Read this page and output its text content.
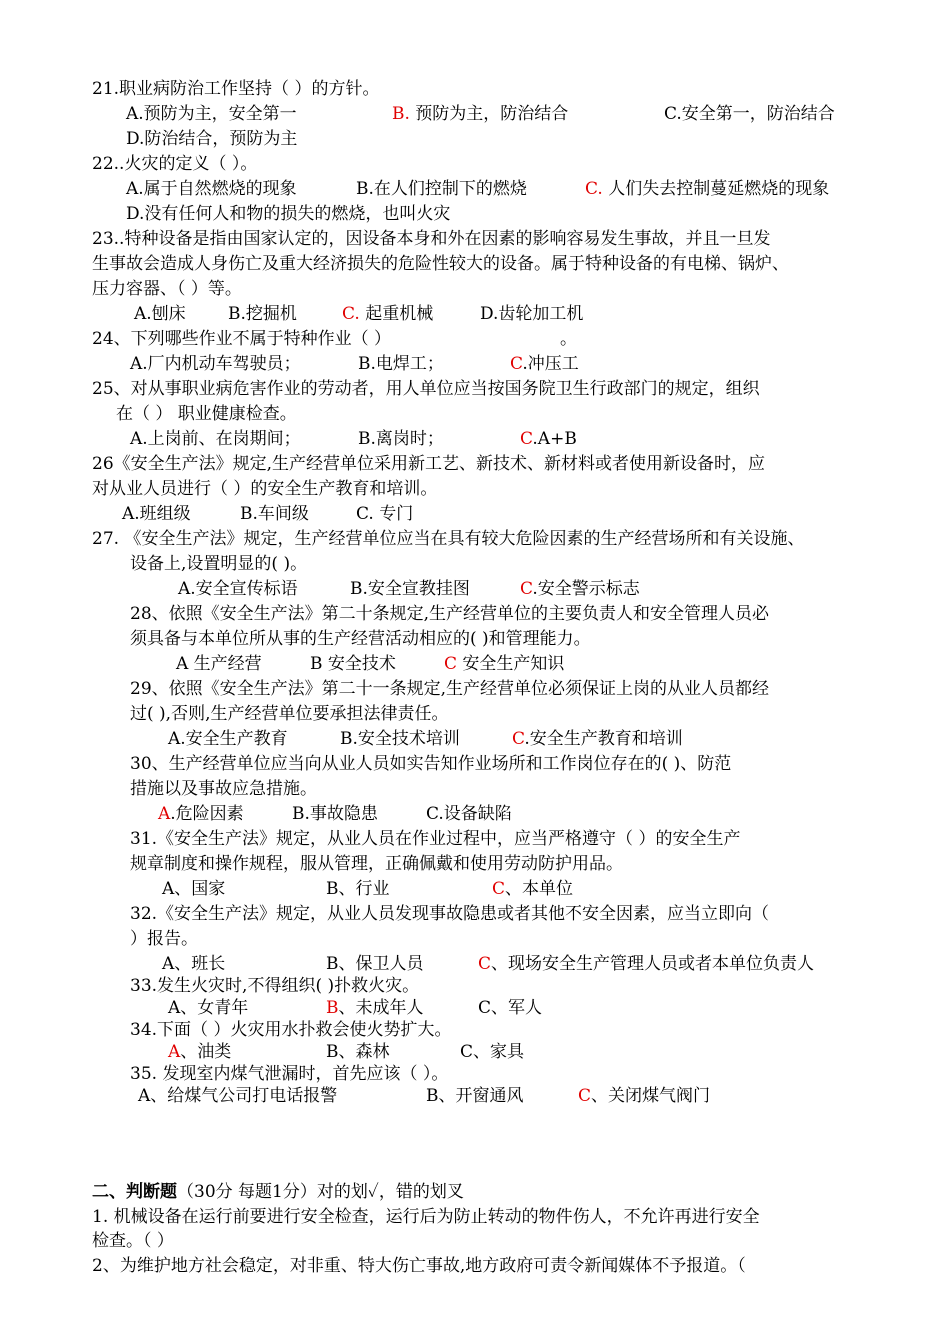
21.职业病防治工作坚持（ ）的方针。
A.预防为主，安全第一	B. 预防为主，防治结合	C.安全第一，防治结合
D.防治结合，预防为主
22..火灾的定义（ ）。
A.属于自然燃烧的现象	B.在人们控制下的燃烧	C. 人们失去控制蔓延燃烧的现象
D.没有任何人和物的损失的燃烧，也叫火灾
23..特种设备是指由国家认定的，因设备本身和外在因素的影响容易发生事故，并且一旦发
生事故会造成人身伤亡及重大经济损失的危险性较大的设备。属于特种设备的有电梯、锅炉、
压力容器、（ ）等。
A.刨床 B.挖掘机	C. 起重机械	D.齿轮加工机
24、下列哪些作业不属于特种作业（ ）	。
A.厂内机动车驾驶员；	B.电焊工；	C.冲压工
25、对从事职业病危害作业的劳动者，用人单位应当按国务院卫生行政部门的规定，组织
在（ ） 职业健康检查。
A.上岗前、在岗期间；	B.离岗时；	C.A+B
26《安全生产法》规定,生产经营单位采用新工艺、新技术、新材料或者使用新设备时，应
对从业人员进行（ ）的安全生产教育和培训。
A.班组级	B.车间级	C. 专门
27. 《安全生产法》规定，生产经营单位应当在具有较大危险因素的生产经营场所和有关设施、
设备上,设置明显的( )。
A.安全宣传标语	B.安全宣教挂图	C.安全警示标志
28、依照《安全生产法》第二十条规定,生产经营单位的主要负责人和安全管理人员必
须具备与本单位所从事的生产经营活动相应的( )和管理能力。
A 生产经营	B 安全技术	C 安全生产知识
29、依照《安全生产法》第二十一条规定,生产经营单位必须保证上岗的从业人员都经
过( ),否则,生产经营单位要承担法律责任。
A.安全生产教育	B.安全技术培训	C.安全生产教育和培训
30、生产经营单位应当向从业人员如实告知作业场所和工作岗位存在的( )、防范
措施以及事故应急措施。
A.危险因素	B.事故隐患	C.设备缺陷
31.《安全生产法》规定，从业人员在作业过程中，应当严格遵守（ ）的安全生产
规章制度和操作规程，服从管理，正确佩戴和使用劳动防护用品。
A、国家	B、行业	C、本单位
32.《安全生产法》规定，从业人员发现事故隐患或者其他不安全因素，应当立即向（
）报告。
A、班长	B、保卫人员	C、现场安全生产管理人员或者本单位负责人
33.发生火灾时,不得组织( )扑救火灾。
A、女青年	B、未成年人	C、军人
34.下面（ ）火灾用水扑救会使火势扩大。
A、油类	B、森林	C、家具
35. 发现室内煤气泄漏时，首先应该（ ）。
A、给煤气公司打电话报警	B、开窗通风	C、关闭煤气阀门
二、判断题（30分 每题1分）对的划✓，错的划叉
1. 机械设备在运行前要进行安全检查，运行后为防止转动的物件伤人，不允许再进行安全
检查。（ ）
2、为维护地方社会稳定，对非重、特大伤亡事故,地方政府可责令新闻媒体不予报道。（
